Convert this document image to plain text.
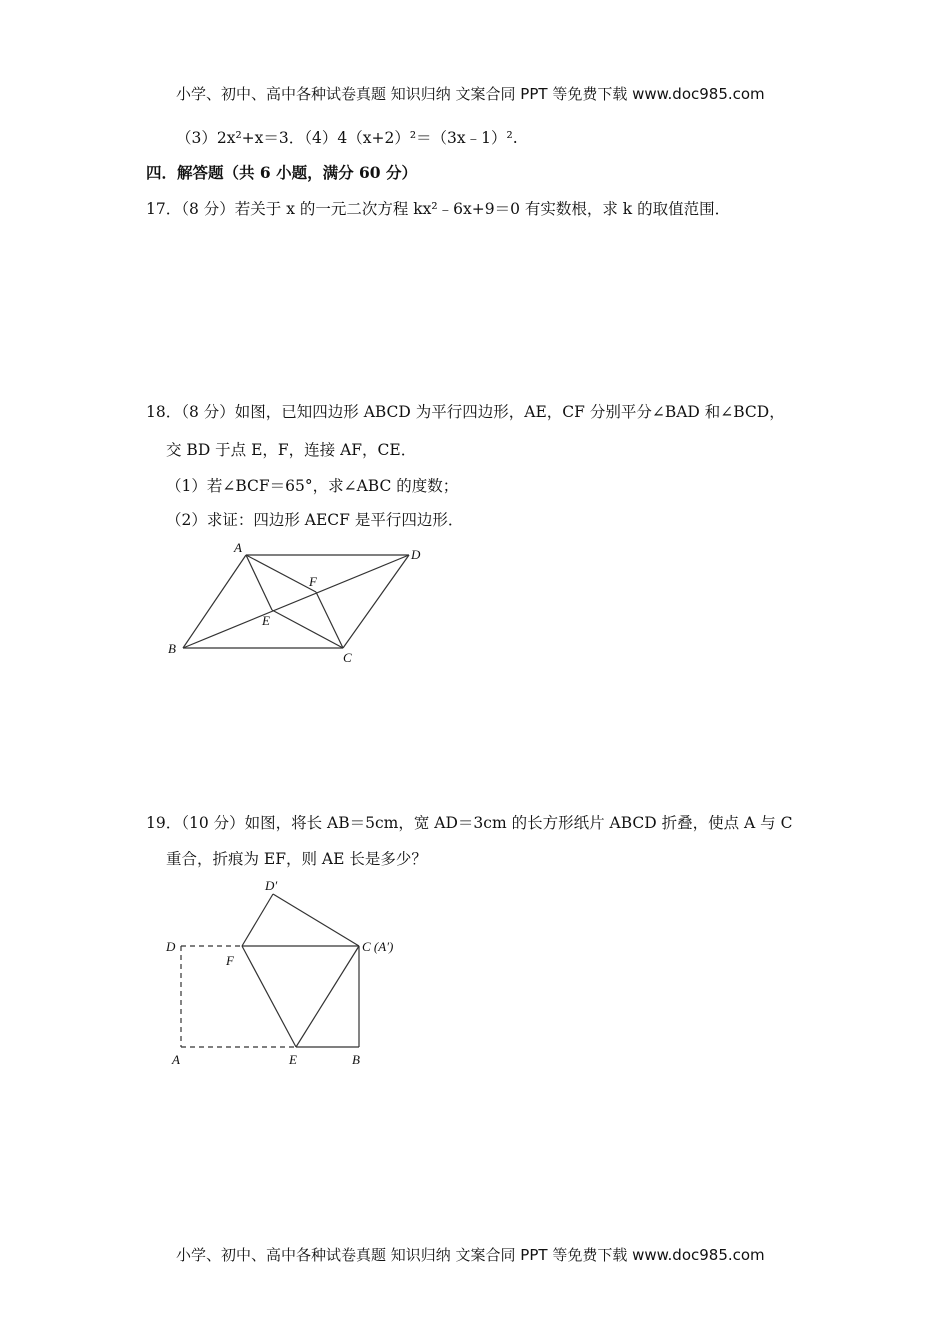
小学、初中、高中各种试卷真题 知识归纳 文案合同 PPT 等免费下载 www.doc985.com
（3）2x²+x＝3．（4）4（x+2）²＝（3x﹣1）².
四．解答题（共 6 小题，满分 60 分）
17．（8 分）若关于 x 的一元二次方程 kx²﹣6x+9＝0 有实数根，求 k 的取值范围．
18．（8 分）如图，已知四边形 ABCD 为平行四边形，AE，CF 分别平分∠BAD 和∠BCD，
交 BD 于点 E，F，连接 AF，CE．
（1）若∠BCF＝65°，求∠ABC 的度数；
（2）求证：四边形 AECF 是平行四边形．
A	D
F
E
B
C
19．（10 分）如图，将长 AB＝5cm，宽 AD＝3cm 的长方形纸片 ABCD 折叠，使点 A 与 C
重合，折痕为 EF，则 AE 长是多少？
D′
D
F
C (A′)
A	E	B
小学、初中、高中各种试卷真题 知识归纳 文案合同 PPT 等免费下载 www.doc985.com
